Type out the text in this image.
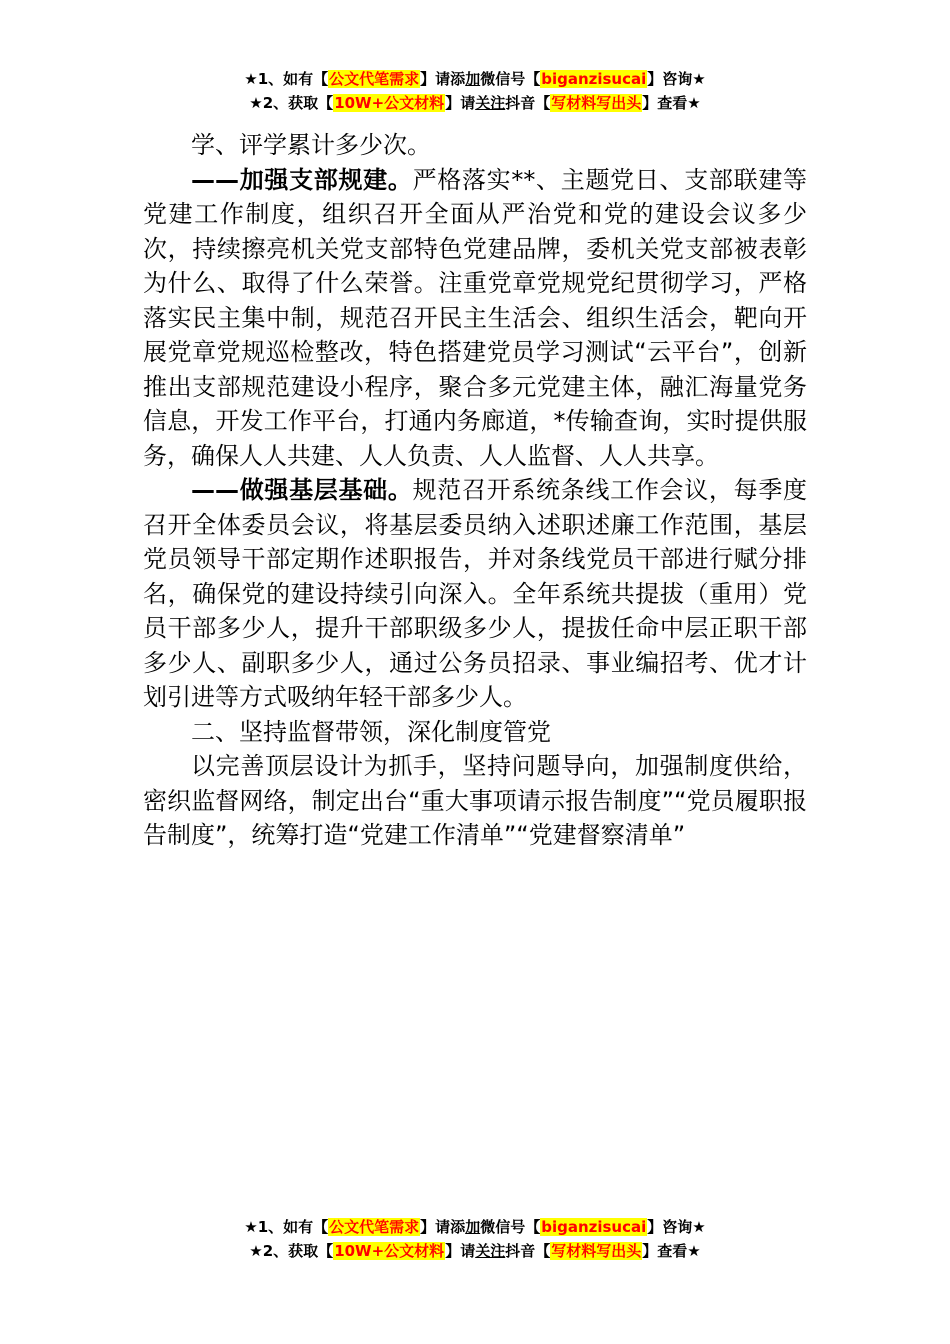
★1、如有【公文代笔需求】请添加微信号【biganzisucai】咨询★
★2、获取【10W+公文材料】请关注抖音【写材料写出头】查看★

学、评学累计多少次。

——加强支部规建。严格落实**、主题党日、支部联建等党建工作制度，组织召开全面从严治党和党的建设会议多少次，持续擦亮机关党支部特色党建品牌，委机关党支部被表彰为什么、取得了什么荣誉。注重党章党规党纪贯彻学习，严格落实民主集中制，规范召开民主生活会、组织生活会，靶向开展党章党规巡检整改，特色搭建党员学习测试“云平台”，创新推出支部规范建设小程序，聚合多元党建主体，融汇海量党务信息，开发工作平台，打通内务廊道，*传输查询，实时提供服务，确保人人共建、人人负责、人人监督、人人共享。

——做强基层基础。规范召开系统条线工作会议，每季度召开全体委员会议，将基层委员纳入述职述廉工作范围，基层党员领导干部定期作述职报告，并对条线党员干部进行赋分排名，确保党的建设持续引向深入。全年系统共提拔（重用）党员干部多少人，提升干部职级多少人，提拔任命中层正职干部多少人、副职多少人，通过公务员招录、事业编招考、优才计划引进等方式吸纳年轻干部多少人。

二、坚持监督带领，深化制度管党

以完善顶层设计为抓手，坚持问题导向，加强制度供给，密织监督网络，制定出台“重大事项请示报告制度”“党员履职报告制度”，统筹打造“党建工作清单”“党建督察清单”

★1、如有【公文代笔需求】请添加微信号【biganzisucai】咨询★
★2、获取【10W+公文材料】请关注抖音【写材料写出头】查看★
